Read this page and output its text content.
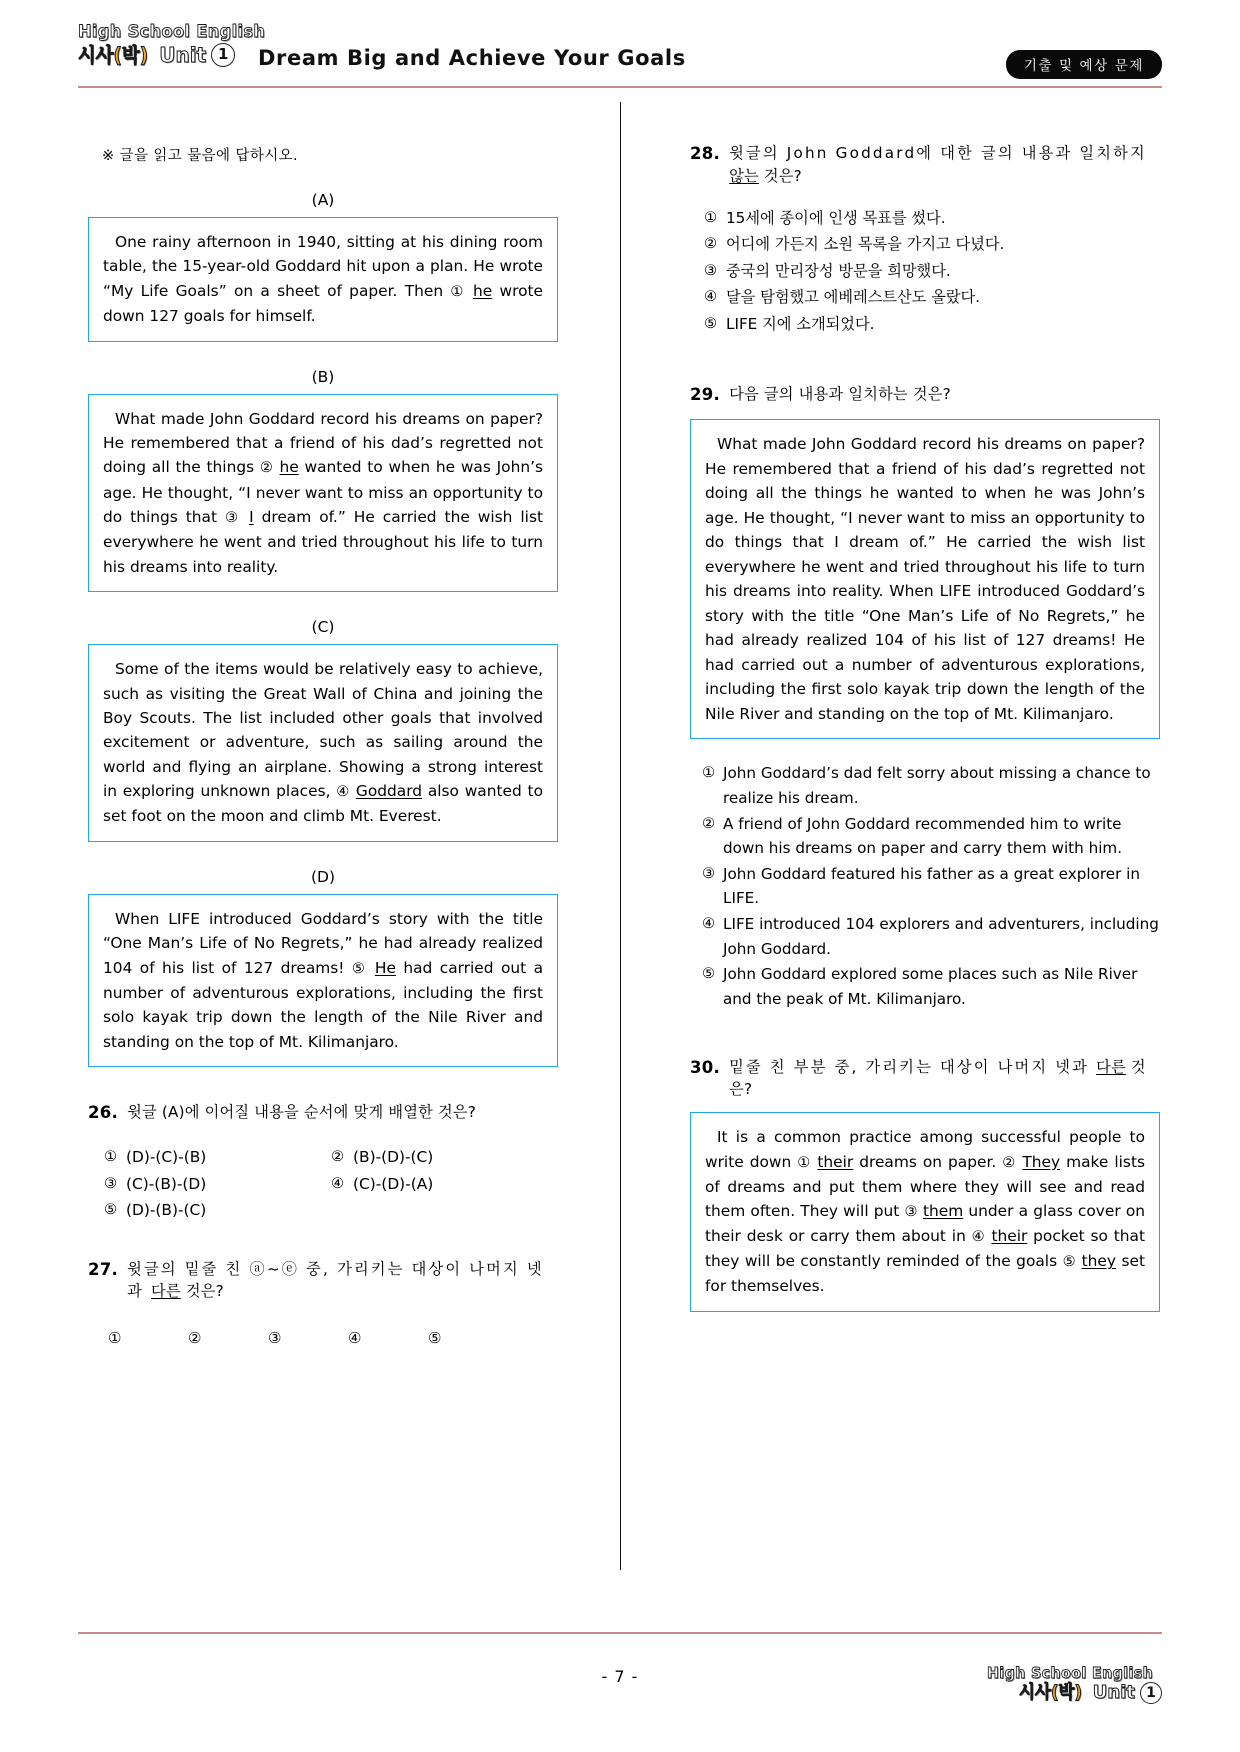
High School English
시사(박) Unit 1	Dream Big and Achieve Your Goals	기출 및 예상 문제
※ 글을 읽고 물음에 답하시오.
(A)

One rainy afternoon in 1940, sitting at his dining room table, the 15-year-old Goddard hit upon a plan. He wrote “My Life Goals” on a sheet of paper. Then ① he wrote down 127 goals for himself.

(B)

What made John Goddard record his dreams on paper? He remembered that a friend of his dad’s regretted not doing all the things ② he wanted to when he was John’s age. He thought, “I never want to miss an opportunity to do things that ③ I dream of.” He carried the wish list everywhere he went and tried throughout his life to turn his dreams into reality.

(C)

Some of the items would be relatively easy to achieve, such as visiting the Great Wall of China and joining the Boy Scouts. The list included other goals that involved excitement or adventure, such as sailing around the world and flying an airplane. Showing a strong interest in exploring unknown places, ④ Goddard also wanted to set foot on the moon and climb Mt. Everest.

(D)

When LIFE introduced Goddard’s story with the title “One Man’s Life of No Regrets,” he had already realized 104 of his list of 127 dreams! ⑤ He had carried out a number of adventurous explorations, including the first solo kayak trip down the length of the Nile River and standing on the top of Mt. Kilimanjaro.

26. 윗글 (A)에 이어질 내용을 순서에 맞게 배열한 것은?
① (D)-(C)-(B)	② (B)-(D)-(C)
③ (C)-(B)-(D)	④ (C)-(D)-(A)
⑤ (D)-(B)-(C)
27. 윗글의 밑줄 친 ⓐ~ⓔ 중, 가리키는 대상이 나머지 넷과 다른 것은?
①	②	③	④	⑤
28. 윗글의 John Goddard에 대한 글의 내용과 일치하지 않는 것은?
① 15세에 종이에 인생 목표를 썼다.
② 어디에 가든지 소원 목록을 가지고 다녔다.
③ 중국의 만리장성 방문을 희망했다.
④ 달을 탐험했고 에베레스트산도 올랐다.
⑤ LIFE 지에 소개되었다.
29. 다음 글의 내용과 일치하는 것은?

What made John Goddard record his dreams on paper? He remembered that a friend of his dad’s regretted not doing all the things he wanted to when he was John’s age. He thought, “I never want to miss an opportunity to do things that I dream of.” He carried the wish list everywhere he went and tried throughout his life to turn his dreams into reality. When LIFE introduced Goddard’s story with the title “One Man’s Life of No Regrets,” he had already realized 104 of his list of 127 dreams! He had carried out a number of adventurous explorations, including the first solo kayak trip down the length of the Nile River and standing on the top of Mt. Kilimanjaro.

① John Goddard’s dad felt sorry about missing a chance to realize his dream.
② A friend of John Goddard recommended him to write down his dreams on paper and carry them with him.
③ John Goddard featured his father as a great explorer in LIFE.
④ LIFE introduced 104 explorers and adventurers, including John Goddard.
⑤ John Goddard explored some places such as Nile River and the peak of Mt. Kilimanjaro.
30. 밑줄 친 부분 중, 가리키는 대상이 나머지 넷과 다른 것은?

It is a common practice among successful people to write down ① their dreams on paper. ② They make lists of dreams and put them where they will see and read them often. They will put ③ them under a glass cover on their desk or carry them about in ④ their pocket so that they will be constantly reminded of the goals ⑤ they set for themselves.

- 7 -	High School English
시사(박) Unit 1
